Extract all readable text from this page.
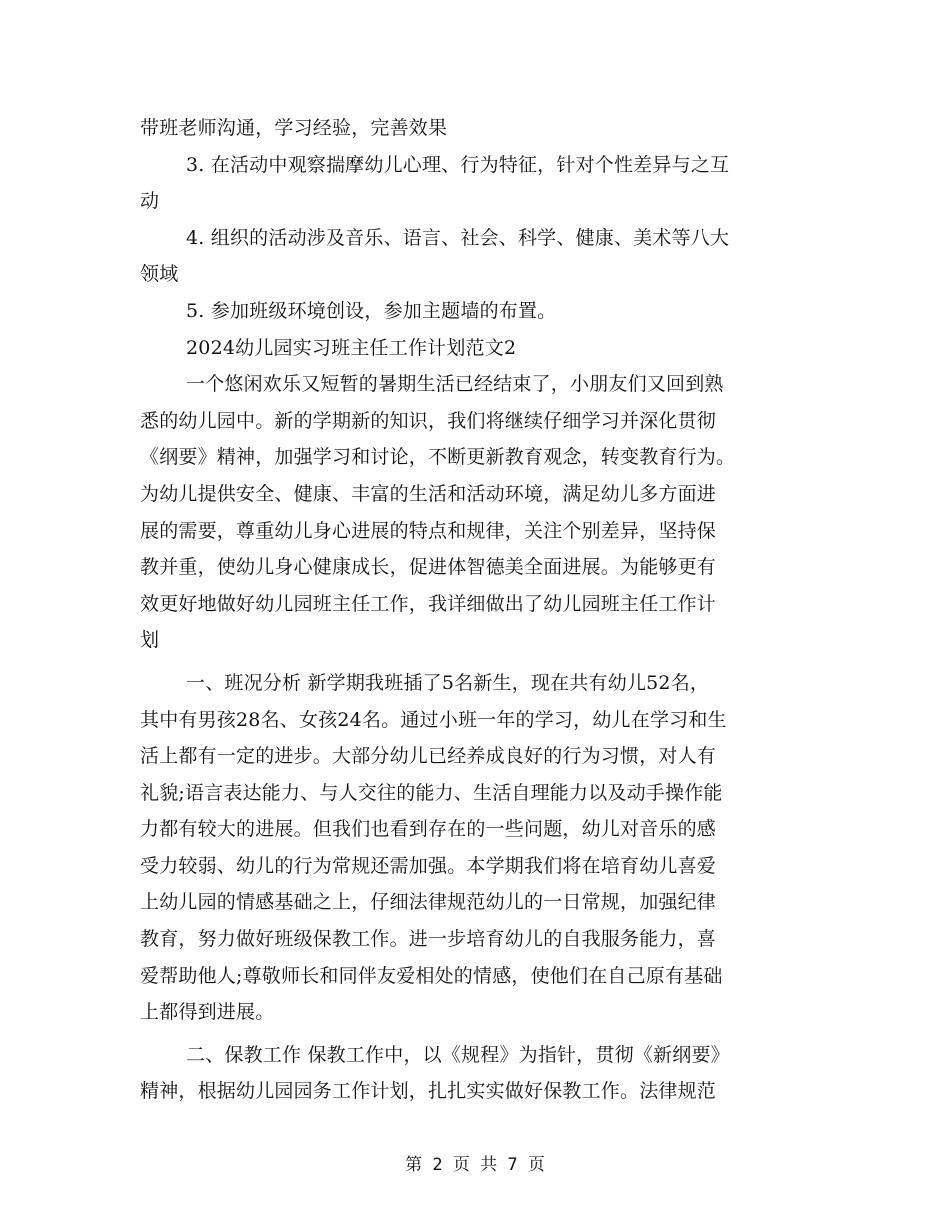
带班老师沟通，学习经验，完善效果
3. 在活动中观察揣摩幼儿心理、行为特征，针对个性差异与之互
动
4. 组织的活动涉及音乐、语言、社会、科学、健康、美术等八大
领域
5. 参加班级环境创设，参加主题墙的布置。
2024幼儿园实习班主任工作计划范文2
一个悠闲欢乐又短暂的暑期生活已经结束了，小朋友们又回到熟
悉的幼儿园中。新的学期新的知识，我们将继续仔细学习并深化贯彻
《纲要》精神，加强学习和讨论，不断更新教育观念，转变教育行为。
为幼儿提供安全、健康、丰富的生活和活动环境，满足幼儿多方面进
展的需要，尊重幼儿身心进展的特点和规律，关注个别差异，坚持保
教并重，使幼儿身心健康成长，促进体智德美全面进展。为能够更有
效更好地做好幼儿园班主任工作，我详细做出了幼儿园班主任工作计
划
一、班况分析 新学期我班插了5名新生，现在共有幼儿52名，
其中有男孩28名、女孩24名。通过小班一年的学习，幼儿在学习和生
活上都有一定的进步。大部分幼儿已经养成良好的行为习惯，对人有
礼貌;语言表达能力、与人交往的能力、生活自理能力以及动手操作能
力都有较大的进展。但我们也看到存在的一些问题，幼儿对音乐的感
受力较弱、幼儿的行为常规还需加强。本学期我们将在培育幼儿喜爱
上幼儿园的情感基础之上，仔细法律规范幼儿的一日常规，加强纪律
教育，努力做好班级保教工作。进一步培育幼儿的自我服务能力，喜
爱帮助他人;尊敬师长和同伴友爱相处的情感，使他们在自己原有基础
上都得到进展。
二、保教工作 保教工作中，以《规程》为指针，贯彻《新纲要》
精神，根据幼儿园园务工作计划，扎扎实实做好保教工作。法律规范
第 2 页 共 7 页
